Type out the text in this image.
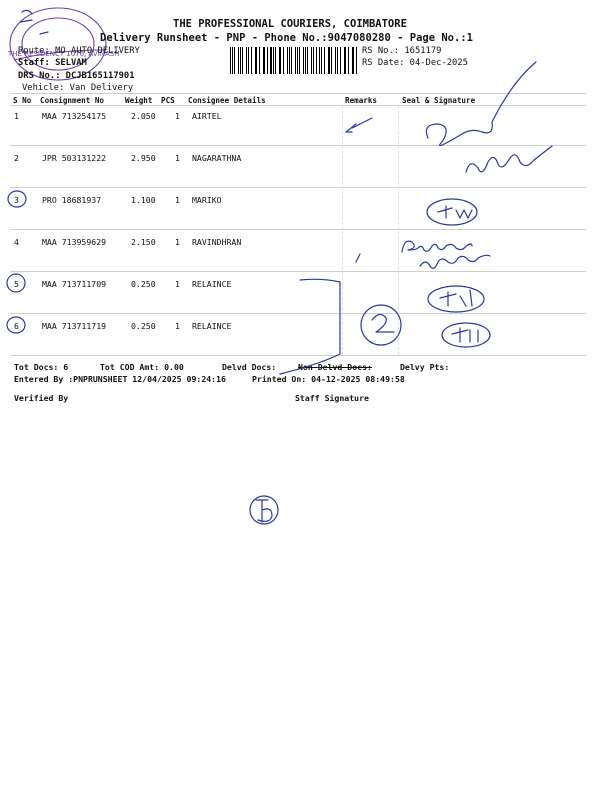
THE PROFESSIONAL COURIERS, COIMBATORE
Delivery Runsheet - PNP - Phone No.:9047080280 - Page No.:1
Route: MO AUTO DELIVERY
Staff: SELVAM
DRS No.: DCJB165117901
Vehicle: Van Delivery
RS No.: 1651179
RS Date: 04-Dec-2025
S No Consignment No	Weight PCS Consignee Details	Remarks	Seal & Signature
1	MAA 713254175	2.050 1 AIRTEL
2	JPR 503131222	2.950 1 NAGARATHNA
3	PRO 18681937	1.100 1 MARIKO
4	MAA 713959629	2.150 1 RAVINDHRAN
5	MAA 713711709	0.250 1 RELAINCE
6	MAA 713711719	0.250 1 RELAINCE
Tot Docs: 6	Tot COD Amt: 0.00	Delvd Docs:	Non Delvd Docs:	Delvy Pts:
Entered By :PNPRUNSHEET 12/04/2025 09:24:16	Printed On: 04-12-2025 08:49:58
Verified By	Staff Signature
THE RESIDENCY 1076, AVINASHI
